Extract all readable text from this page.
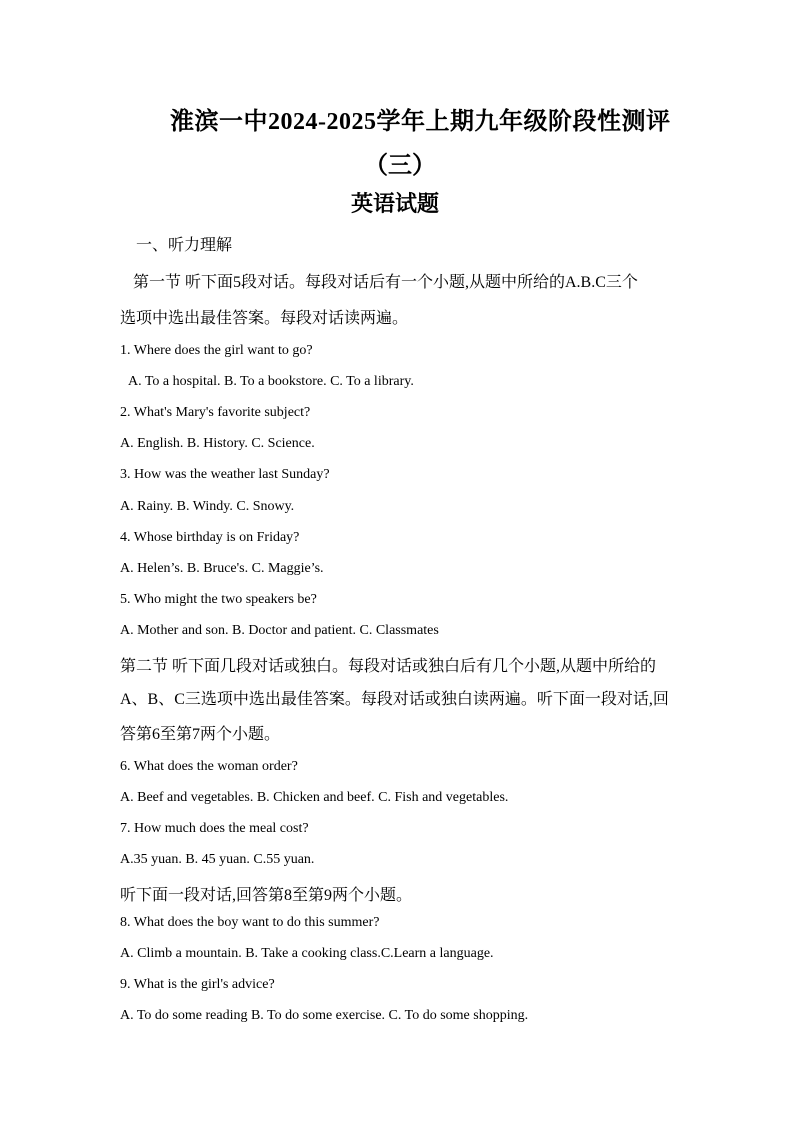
淮滨一中2024-2025学年上期九年级阶段性测评
（三）
英语试题
一、听力理解
第一节 听下面5段对话。每段对话后有一个小题,从题中所给的A.B.C三个
选项中选出最佳答案。每段对话读两遍。
1. Where does the girl want to go?
A. To a hospital. B. To a bookstore. C. To a library.
2. What's Mary's favorite subject?
A. English. B. History. C. Science.
3. How was the weather last Sunday?
A. Rainy. B. Windy. C. Snowy.
4. Whose birthday is on Friday?
A. Helen’s. B. Bruce's. C. Maggie’s.
5. Who might the two speakers be?
A. Mother and son. B. Doctor and patient. C. Classmates
第二节 听下面几段对话或独白。每段对话或独白后有几个小题,从题中所给的
A、B、C三选项中选出最佳答案。每段对话或独白读两遍。听下面一段对话,回
答第6至第7两个小题。
6. What does the woman order?
A. Beef and vegetables. B. Chicken and beef. C. Fish and vegetables.
7. How much does the meal cost?
A.35 yuan. B. 45 yuan. C.55 yuan.
听下面一段对话,回答第8至第9两个小题。
8. What does the boy want to do this summer?
A. Climb a mountain. B. Take a cooking class.C.Learn a language.
9. What is the girl's advice?
A. To do some reading B. To do some exercise. C. To do some shopping.
